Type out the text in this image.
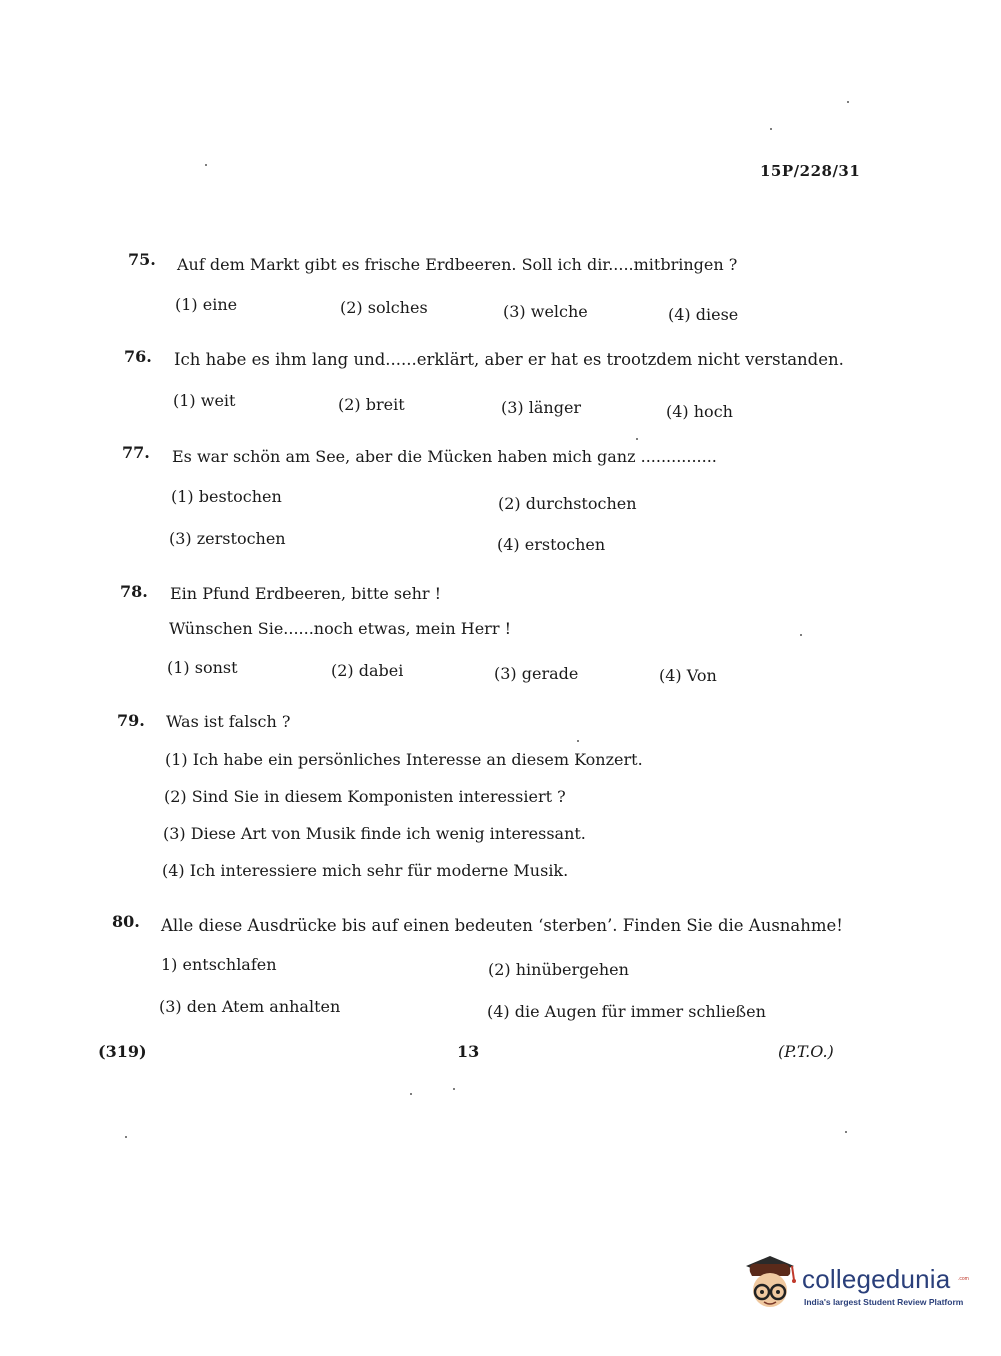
15P/228/31
75. Auf dem Markt gibt es frische Erdbeeren. Soll ich dir.....mitbringen ?
(1) eine	(2) solches	(3) welche	(4) diese
76. Ich habe es ihm lang und......erklärt, aber er hat es trootzdem nicht verstanden.
(1) weit	(2) breit	(3) länger	(4) hoch
77. Es war schön am See, aber die Mücken haben mich ganz ...............
(1) bestochen	(2) durchstochen
(3) zerstochen	(4) erstochen
78. Ein Pfund Erdbeeren, bitte sehr !
Wünschen Sie......noch etwas, mein Herr !
(1) sonst	(2) dabei	(3) gerade	(4) Von
79. Was ist falsch ?
(1) Ich habe ein persönliches Interesse an diesem Konzert.
(2) Sind Sie in diesem Komponisten interessiert ?
(3) Diese Art von Musik finde ich wenig interessant.
(4) Ich interessiere mich sehr für moderne Musik.
80. Alle diese Ausdrücke bis auf einen bedeuten ‘sterben’. Finden Sie die Ausnahme!
1) entschlafen	(2) hinübergehen
(3) den Atem anhalten	(4) die Augen für immer schließen
(319)	13	(P.T.O.)
collegedunia .com
India's largest Student Review Platform
